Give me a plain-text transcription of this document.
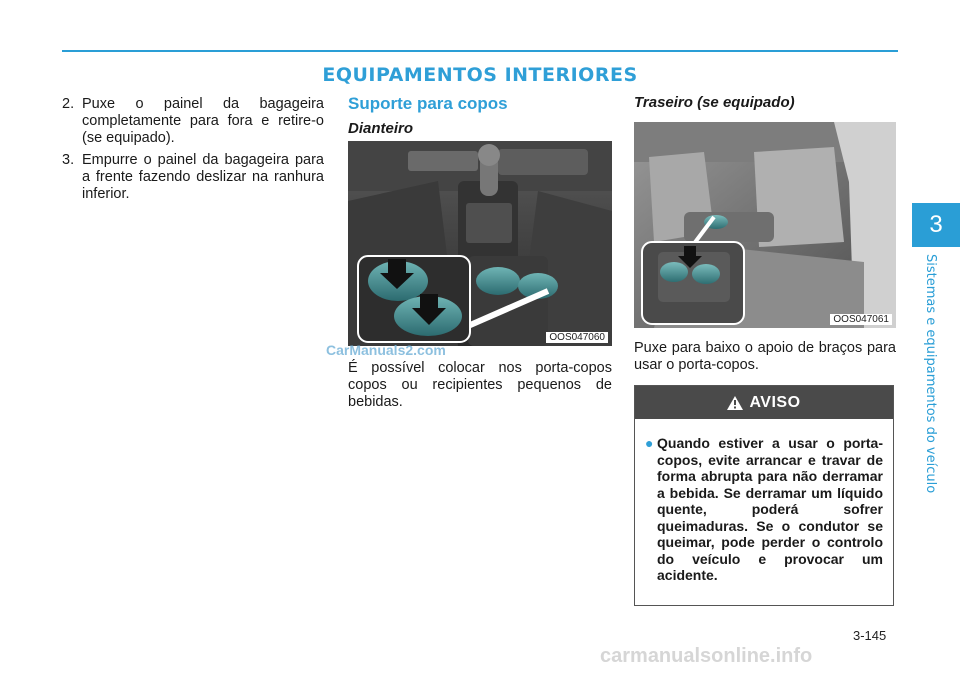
EQUIPAMENTOS INTERIORES
3
Sistemas e equipamentos do veículo
2. Puxe o painel da bagageira completamente para fora e retire-o (se equipado).
3. Empurre o painel da bagageira para a frente fazendo deslizar na ranhura inferior.
Suporte para copos
Dianteiro
OOS047060
É possível colocar nos porta-copos copos ou recipientes pequenos de bebidas.
Traseiro (se equipado)
OOS047061
Puxe para baixo o apoio de braços para usar o porta-copos.
AVISO
● Quando estiver a usar o porta-copos, evite arrancar e travar de forma abrupta para não derramar a bebida. Se derramar um líquido quente, poderá sofrer queimaduras. Se o condutor se queimar, pode perder o controlo do veículo e provocar um acidente.
CarManuals2.com
3-145
carmanualsonline.info
